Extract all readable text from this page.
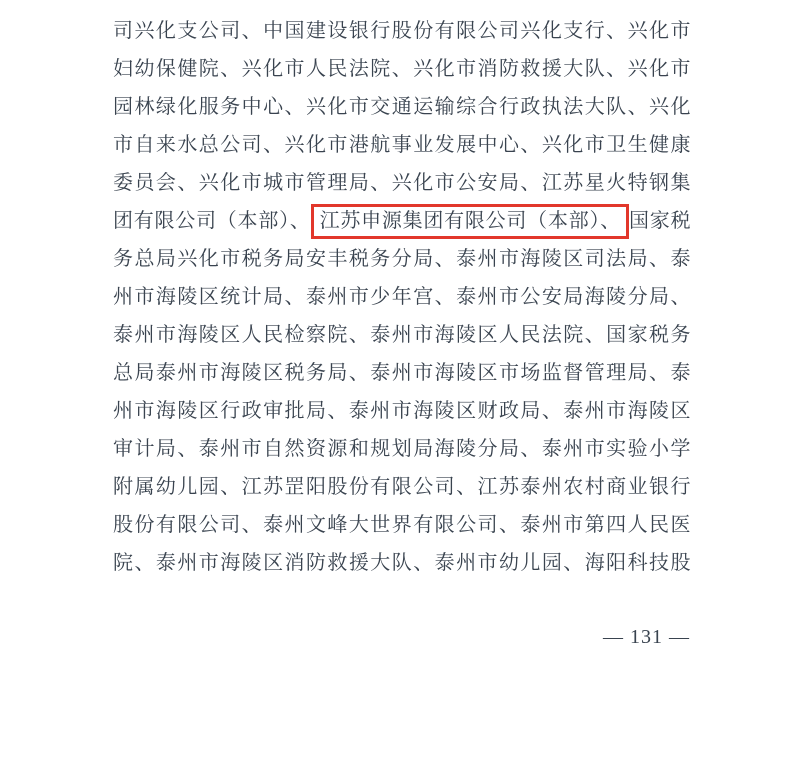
司兴化支公司、中国建设银行股份有限公司兴化支行、兴化市
妇幼保健院、兴化市人民法院、兴化市消防救援大队、兴化市
园林绿化服务中心、兴化市交通运输综合行政执法大队、兴化
市自来水总公司、兴化市港航事业发展中心、兴化市卫生健康
委员会、兴化市城市管理局、兴化市公安局、江苏星火特钢集
团有限公司（本部）、 江苏申源集团有限公司（本部）、 国家税
务总局兴化市税务局安丰税务分局、泰州市海陵区司法局、泰
州市海陵区统计局、泰州市少年宫、泰州市公安局海陵分局、
泰州市海陵区人民检察院、泰州市海陵区人民法院、国家税务
总局泰州市海陵区税务局、泰州市海陵区市场监督管理局、泰
州市海陵区行政审批局、泰州市海陵区财政局、泰州市海陵区
审计局、泰州市自然资源和规划局海陵分局、泰州市实验小学
附属幼儿园、江苏罡阳股份有限公司、江苏泰州农村商业银行
股份有限公司、泰州文峰大世界有限公司、泰州市第四人民医
院、泰州市海陵区消防救援大队、泰州市幼儿园、海阳科技股
— 131 —
